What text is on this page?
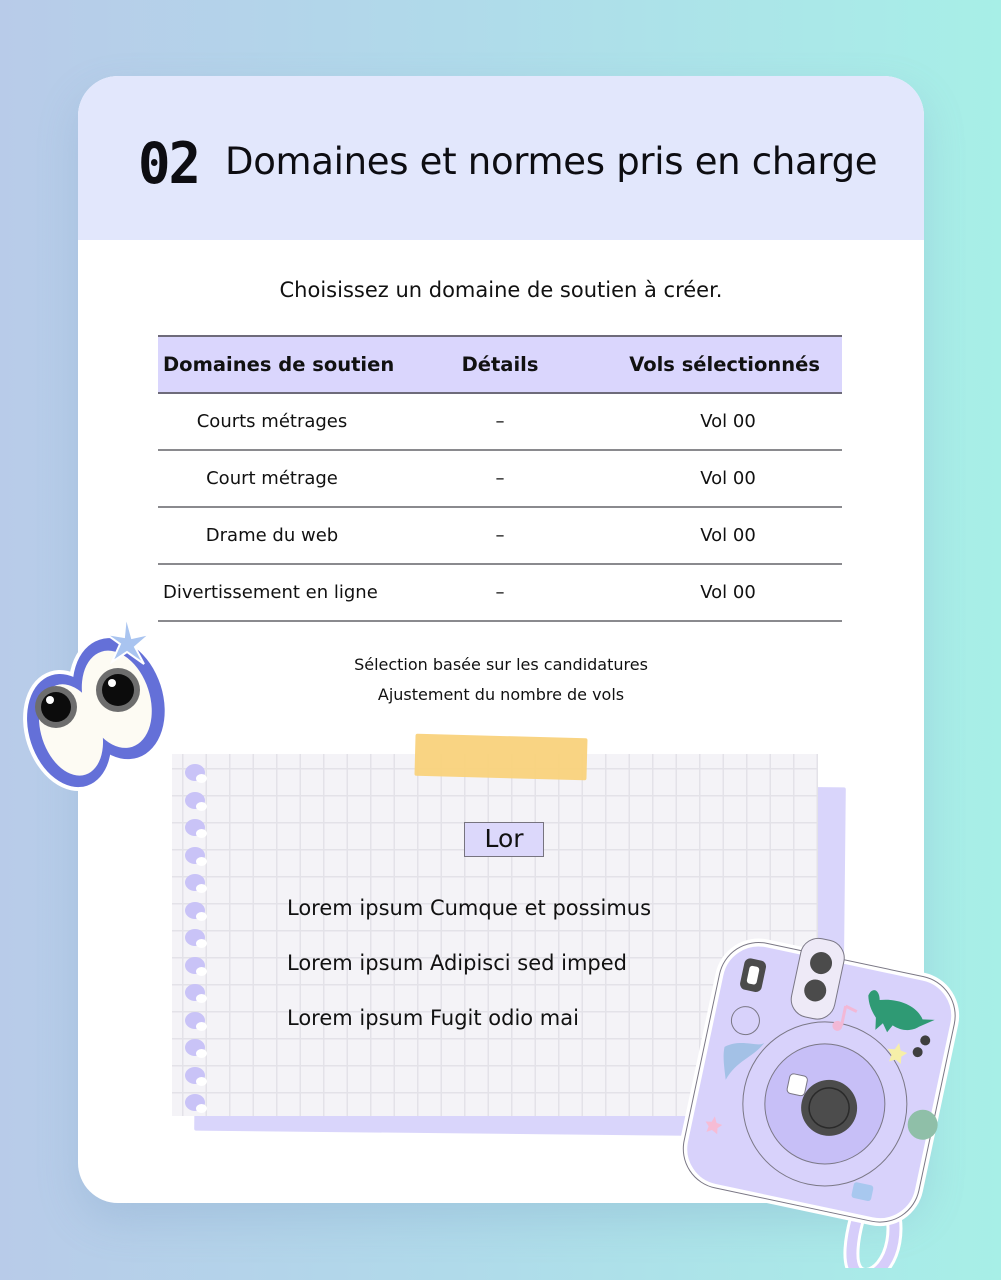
02 Domaines et normes pris en charge
Choisissez un domaine de soutien à créer.
Domaines de soutien	Détails	Vols sélectionnés
Courts métrages	–	Vol 00
Court métrage	–	Vol 00
Drame du web	–	Vol 00
Divertissement en ligne	–	Vol 00
Sélection basée sur les candidatures
Ajustement du nombre de vols
Lor
Lorem ipsum Cumque et possimus
Lorem ipsum Adipisci sed imped
Lorem ipsum Fugit odio mai
